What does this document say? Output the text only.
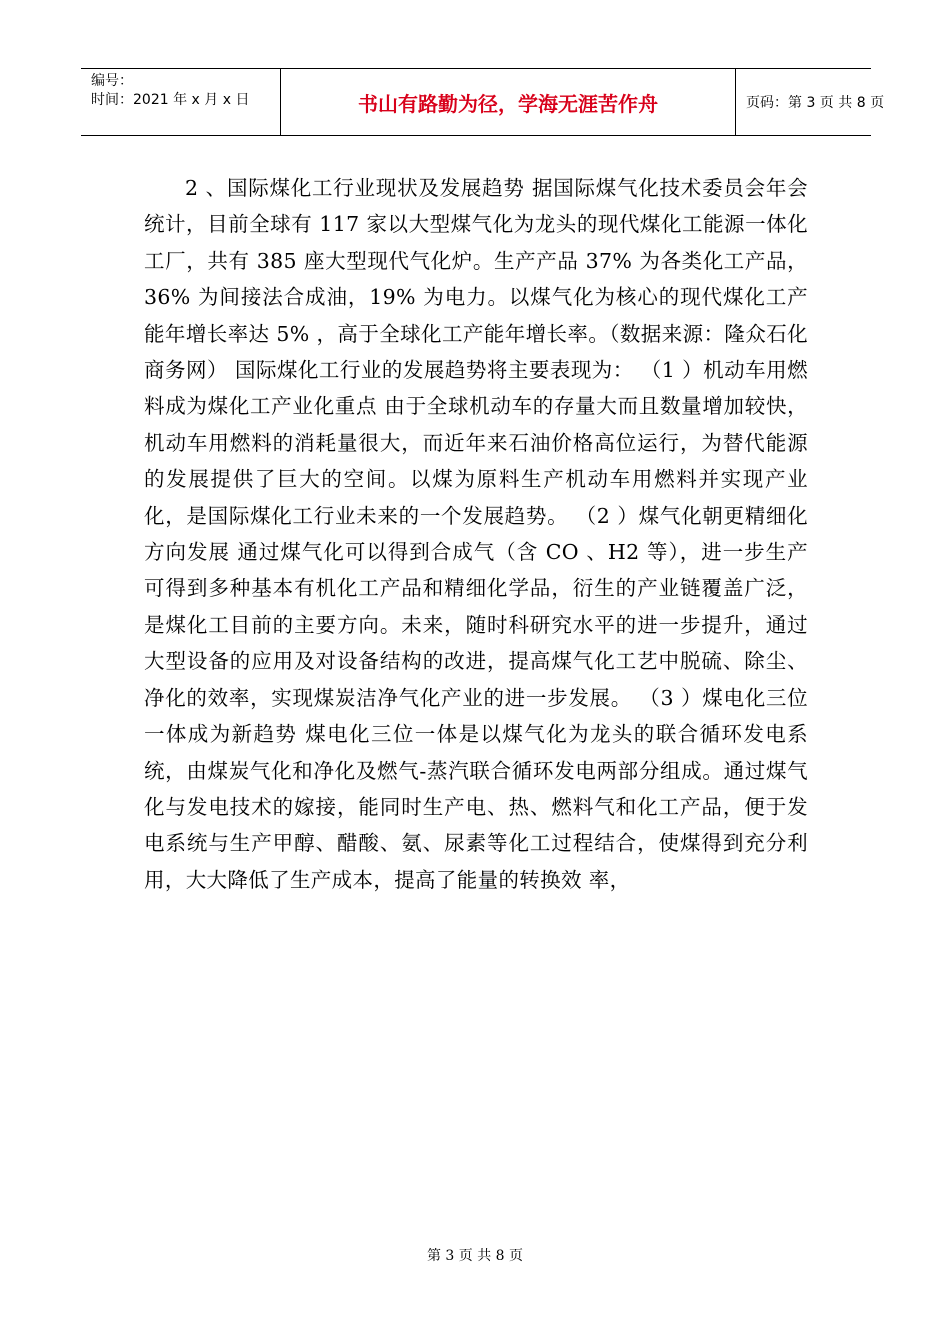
编号：
时间：2021 年 x 月 x 日	书山有路勤为径，学海无涯苦作舟	页码：第 3 页 共 8 页

2 、国际煤化工行业现状及发展趋势 据国际煤气化技术委员会年会统计，目前全球有 117 家以大型煤气化为龙头的现代煤化工能源一体化工厂，共有 385 座大型现代气化炉。生产产品 37% 为各类化工产品，36% 为间接法合成油，19% 为电力。以煤气化为核心的现代煤化工产能年增长率达 5% ，高于全球化工产能年增长率。（数据来源：隆众石化商务网） 国际煤化工行业的发展趋势将主要表现为： （1 ）机动车用燃料成为煤化工产业化重点 由于全球机动车的存量大而且数量增加较快，机动车用燃料的消耗量很大，而近年来石油价格高位运行，为替代能源的发展提供了巨大的空间。以煤为原料生产机动车用燃料并实现产业化，是国际煤化工行业未来的一个发展趋势。 （2 ）煤气化朝更精细化方向发展 通过煤气化可以得到合成气（含 CO 、H2 等），进一步生产可得到多种基本有机化工产品和精细化学品，衍生的产业链覆盖广泛，是煤化工目前的主要方向。未来，随时科研究水平的进一步提升，通过大型设备的应用及对设备结构的改进，提高煤气化工艺中脱硫、除尘、净化的效率，实现煤炭洁净气化产业的进一步发展。 （3 ）煤电化三位一体成为新趋势 煤电化三位一体是以煤气化为龙头的联合循环发电系统，由煤炭气化和净化及燃气-蒸汽联合循环发电两部分组成。通过煤气化与发电技术的嫁接，能同时生产电、热、燃料气和化工产品，便于发电系统与生产甲醇、醋酸、氨、尿素等化工过程结合，使煤得到充分利用，大大降低了生产成本，提高了能量的转换效 率，

第 3 页 共 8 页
